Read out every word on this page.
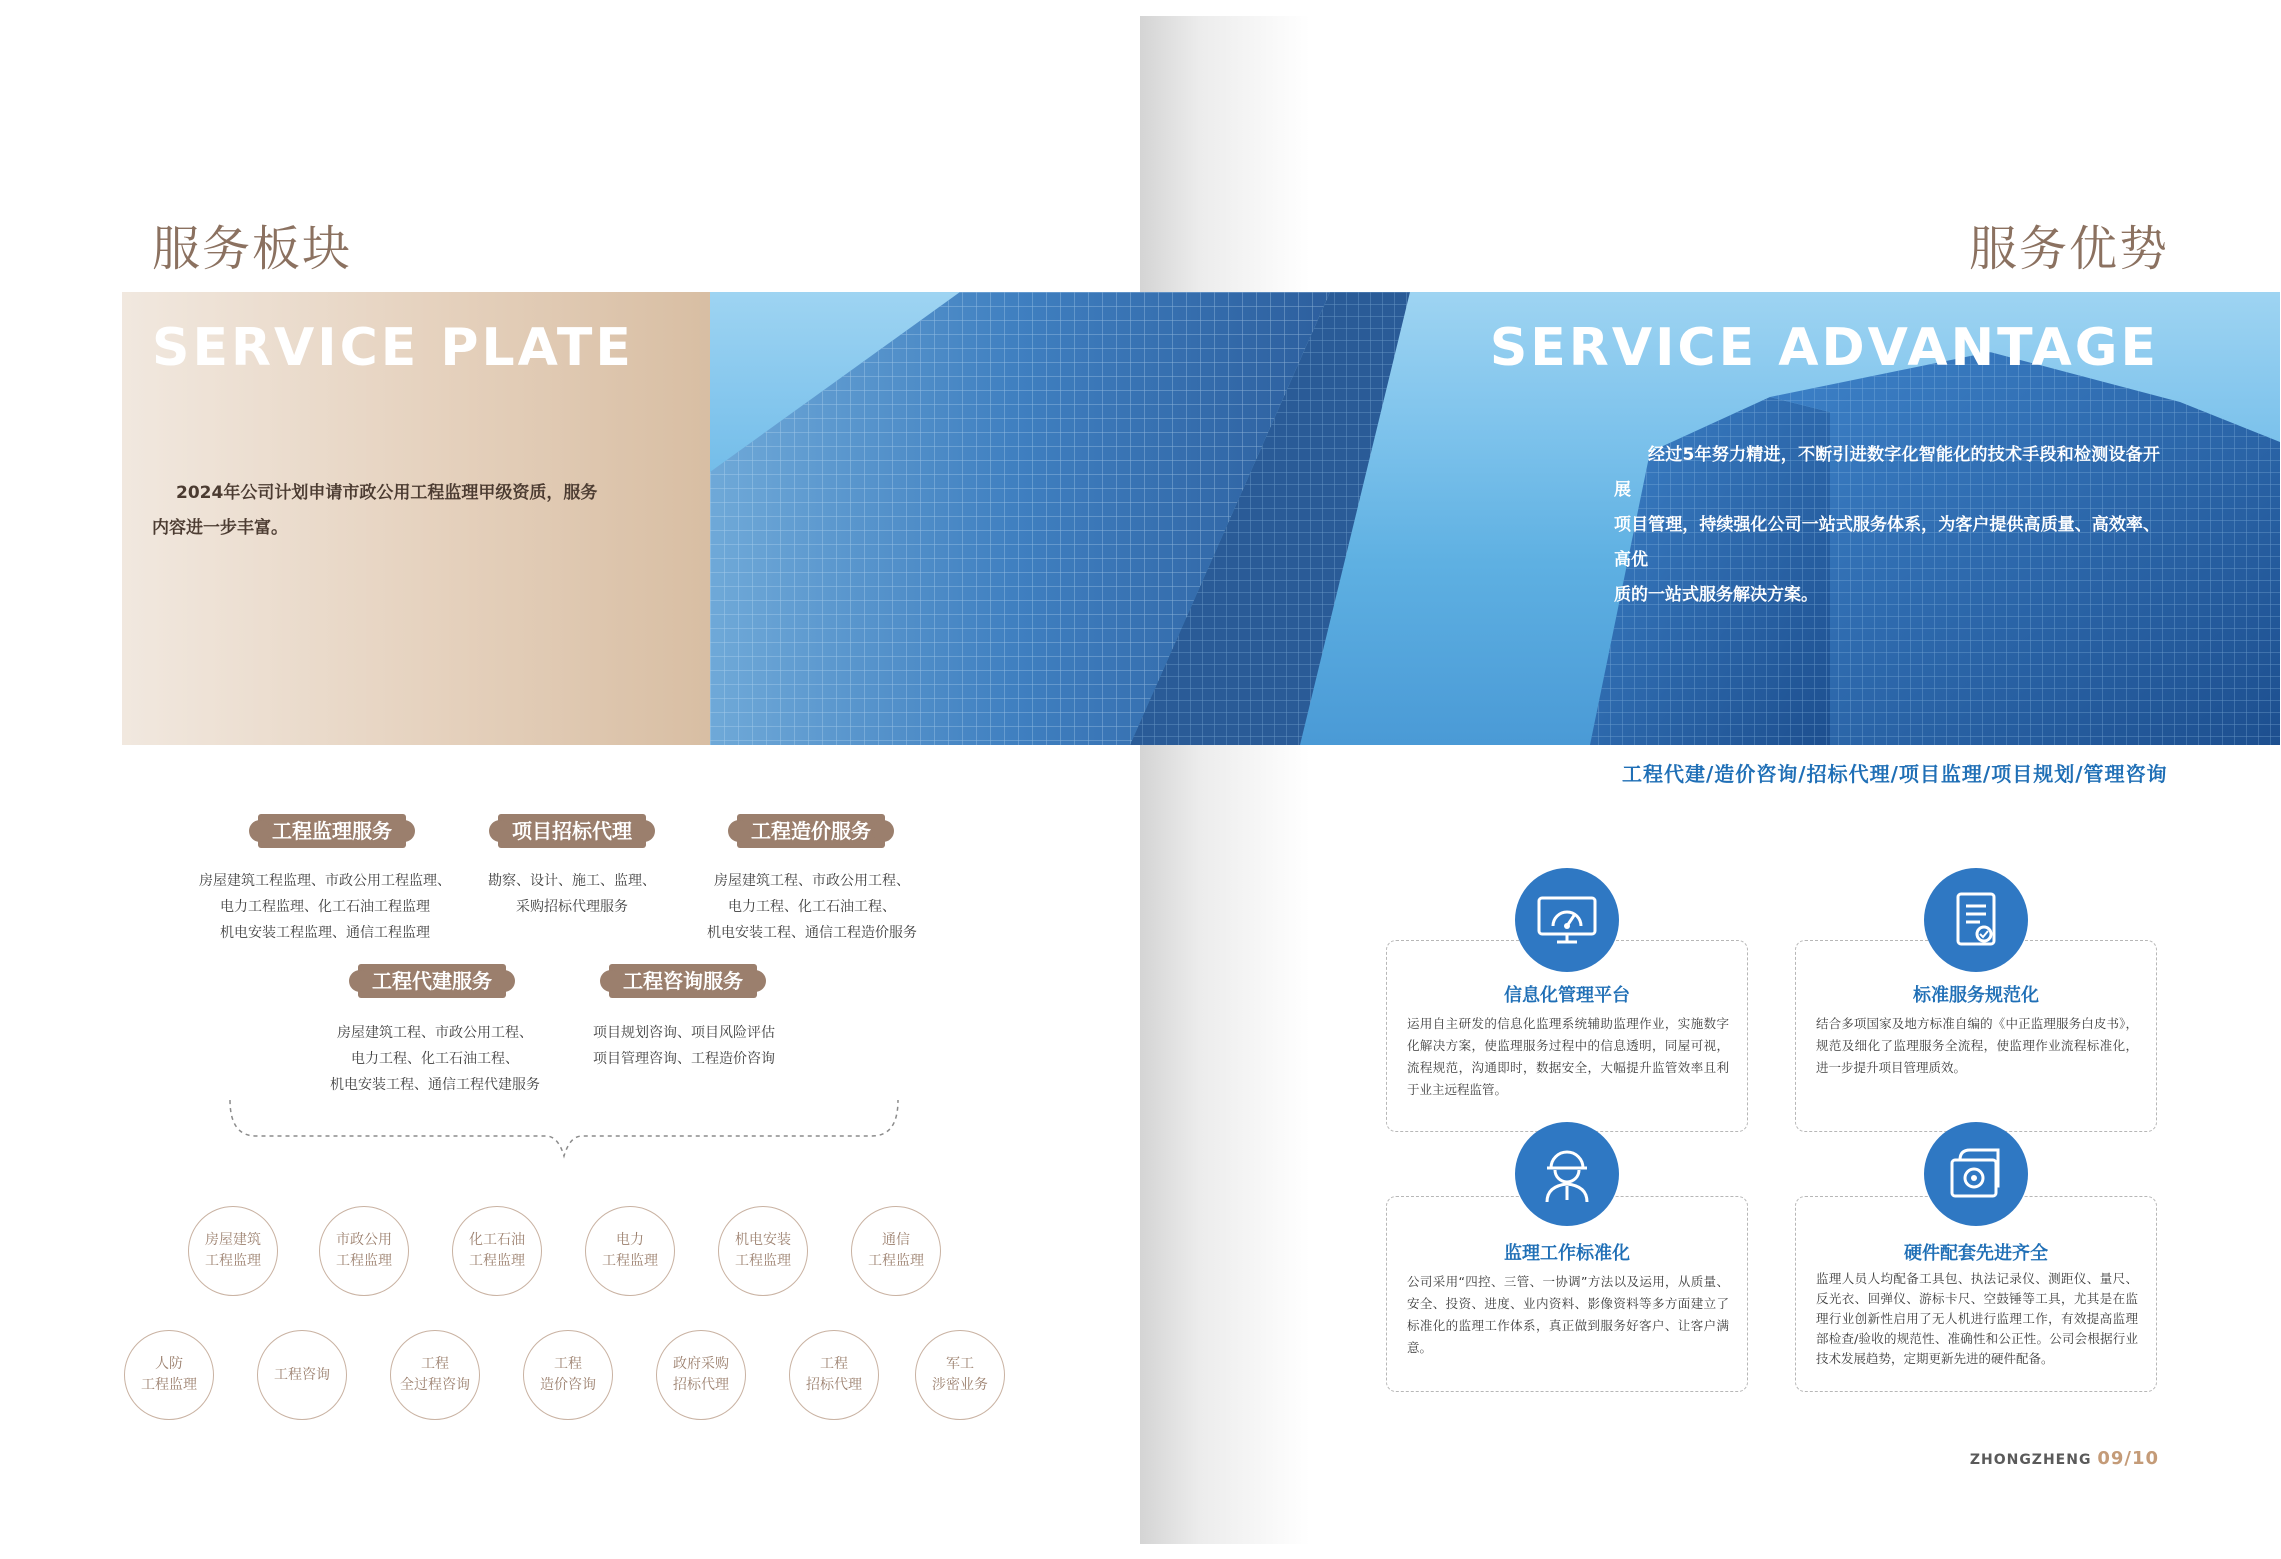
服务板块
SERVICE PLATE
2024年公司计划申请市政公用工程监理甲级资质，服务
内容进一步丰富。
工程监理服务
房屋建筑工程监理、市政公用工程监理、
电力工程监理、化工石油工程监理
机电安装工程监理、通信工程监理
项目招标代理
勘察、设计、施工、监理、
采购招标代理服务
工程造价服务
房屋建筑工程、市政公用工程、
电力工程、化工石油工程、
机电安装工程、通信工程造价服务
工程代建服务
房屋建筑工程、市政公用工程、
电力工程、化工石油工程、
机电安装工程、通信工程代建服务
工程咨询服务
项目规划咨询、项目风险评估
项目管理咨询、工程造价咨询
房屋建筑
工程监理
市政公用
工程监理
化工石油
工程监理
电力
工程监理
机电安装
工程监理
通信
工程监理
人防
工程监理
工程咨询
工程
全过程咨询
工程
造价咨询
政府采购
招标代理
工程
招标代理
军工
涉密业务
服务优势
SERVICE ADVANTAGE
经过5年努力精进，不断引进数字化智能化的技术手段和检测设备开展
项目管理，持续强化公司一站式服务体系，为客户提供高质量、高效率、高优
质的一站式服务解决方案。
工程代建/造价咨询/招标代理/项目监理/项目规划/管理咨询
信息化管理平台
运用自主研发的信息化监理系统辅助监理作业，实施数字化解决方案，使监理服务过程中的信息透明，同屋可视，流程规范，沟通即时，数据安全，大幅提升监管效率且利于业主远程监管。
标准服务规范化
结合多项国家及地方标准自编的《中正监理服务白皮书》，规范及细化了监理服务全流程，使监理作业流程标准化，进一步提升项目管理质效。
监理工作标准化
公司采用“四控、三管、一协调”方法以及运用，从质量、安全、投资、进度、业内资料、影像资料等多方面建立了标准化的监理工作体系，真正做到服务好客户、让客户满意。
硬件配套先进齐全
监理人员人均配备工具包、执法记录仪、测距仪、量尺、反光衣、回弹仪、游标卡尺、空鼓锤等工具，尤其是在监理行业创新性启用了无人机进行监理工作，有效提高监理部检查/验收的规范性、准确性和公正性。公司会根据行业技术发展趋势，定期更新先进的硬件配备。
ZHONGZHENG 09/10
